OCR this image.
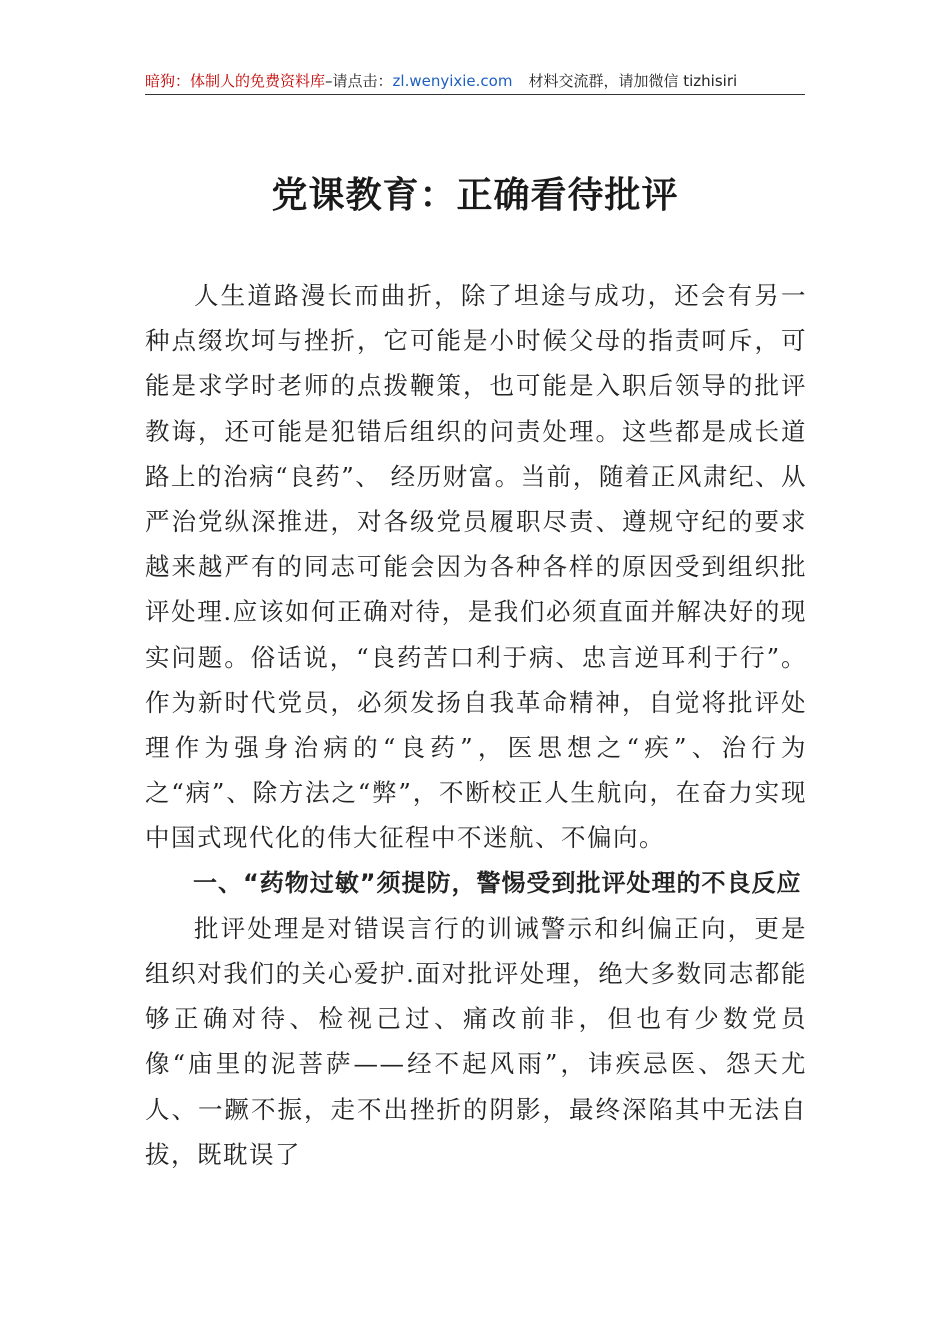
暗狗：体制人的免费资料库–请点击：zl.wenyixie.com 材料交流群，请加微信 tizhisiri
党课教育：正确看待批评

人生道路漫长而曲折，除了坦途与成功，还会有另一种点缀坎坷与挫折，它可能是小时候父母的指责呵斥，可能是求学时老师的点拨鞭策，也可能是入职后领导的批评教诲，还可能是犯错后组织的问责处理。这些都是成长道路上的治病“良药”、 经历财富。当前，随着正风肃纪、从严治党纵深推进，对各级党员履职尽责、遵规守纪的要求越来越严有的同志可能会因为各种各样的原因受到组织批评处理.应该如何正确对待，是我们必须直面并解决好的现实问题。俗话说，“良药苦口利于病、忠言逆耳利于行”。作为新时代党员，必须发扬自我革命精神，自觉将批评处理作为强身治病的“良药”，医思想之“疾”、治行为之“病”、除方法之“弊”，不断校正人生航向，在奋力实现中国式现代化的伟大征程中不迷航、不偏向。

一、“药物过敏”须提防，警惕受到批评处理的不良反应

批评处理是对错误言行的训诫警示和纠偏正向，更是组织对我们的关心爱护.面对批评处理，绝大多数同志都能够正确对待、检视己过、痛改前非，但也有少数党员像“庙里的泥菩萨——经不起风雨”，讳疾忌医、怨天尤人、一蹶不振，走不出挫折的阴影，最终深陷其中无法自拔，既耽误了
